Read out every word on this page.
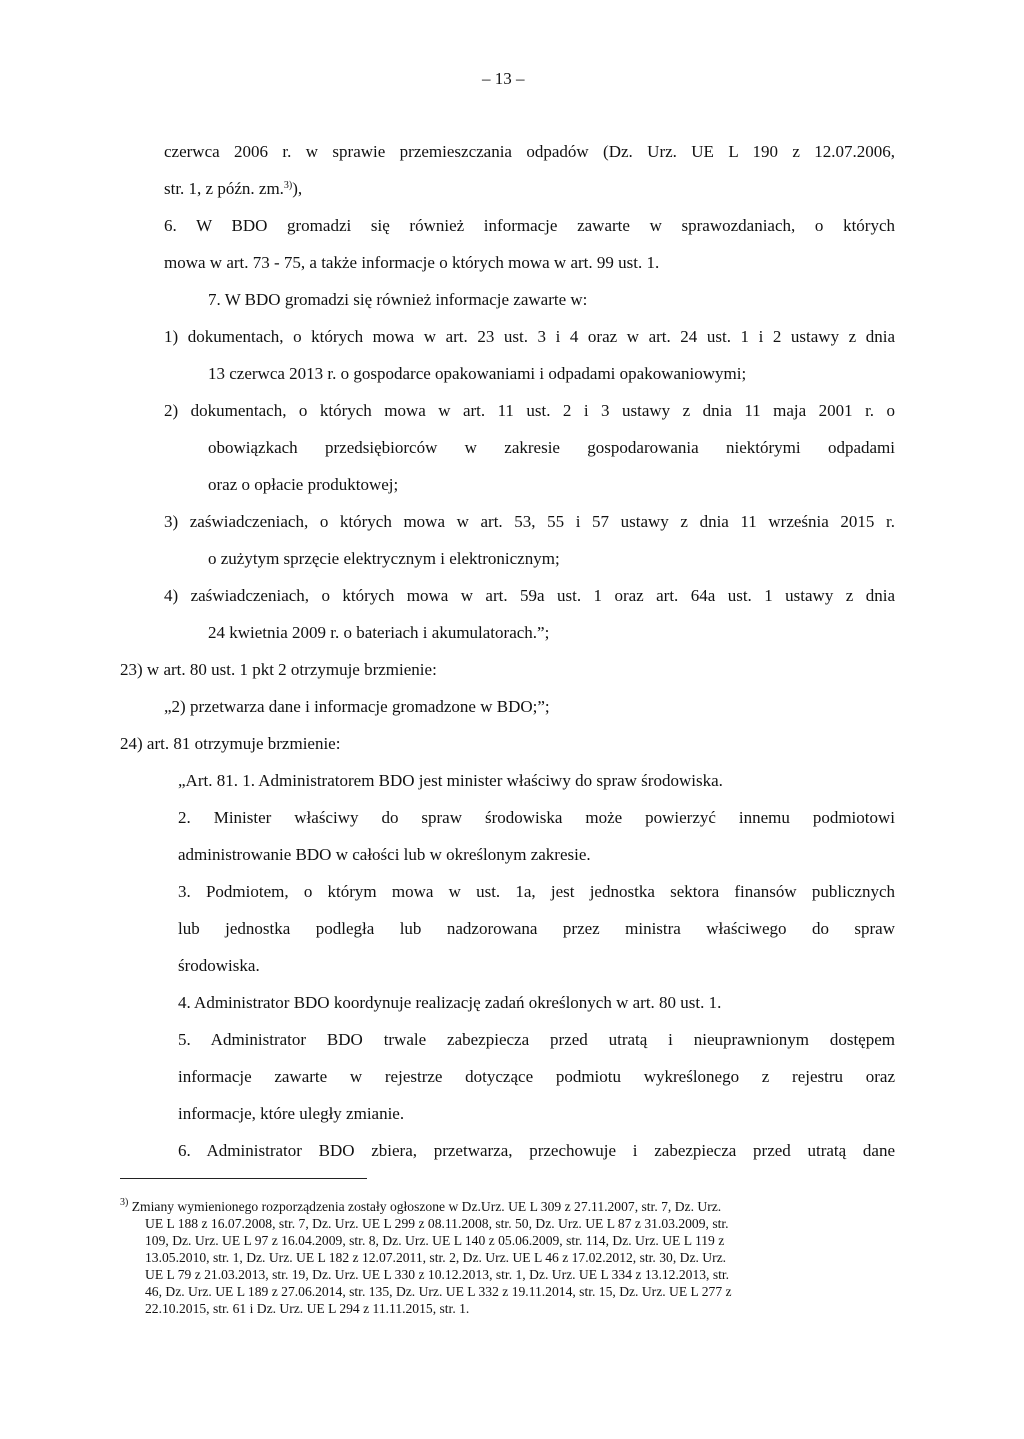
– 13 –
czerwca 2006 r. w sprawie przemieszczania odpadów (Dz. Urz. UE L 190 z 12.07.2006,
str. 1, z późn. zm.$^{3)}$),
6. W BDO gromadzi się również informacje zawarte w sprawozdaniach, o których
mowa w art. 73 - 75, a także informacje o których mowa w art. 99 ust. 1.
7. W BDO gromadzi się również informacje zawarte w:
1) dokumentach, o których mowa w art. 23 ust. 3 i 4 oraz w art. 24 ust. 1 i 2 ustawy z dnia
13 czerwca 2013 r. o gospodarce opakowaniami i odpadami opakowaniowymi;
2) dokumentach, o których mowa w art. 11 ust. 2 i 3 ustawy z dnia 11 maja 2001 r. o
obowiązkach przedsiębiorców w zakresie gospodarowania niektórymi odpadami
oraz o opłacie produktowej;
3) zaświadczeniach, o których mowa w art. 53, 55 i 57 ustawy z dnia 11 września 2015 r.
o zużytym sprzęcie elektrycznym i elektronicznym;
4) zaświadczeniach, o których mowa w art. 59a ust. 1 oraz art. 64a ust. 1 ustawy z dnia
24 kwietnia 2009 r. o bateriach i akumulatorach.”;
23) w art. 80 ust. 1 pkt 2 otrzymuje brzmienie:
„2) przetwarza dane i informacje gromadzone w BDO;”;
24) art. 81 otrzymuje brzmienie:
„Art. 81. 1. Administratorem BDO jest minister właściwy do spraw środowiska.
2. Minister właściwy do spraw środowiska może powierzyć innemu podmiotowi
administrowanie BDO w całości lub w określonym zakresie.
3. Podmiotem, o którym mowa w ust. 1a, jest jednostka sektora finansów publicznych
lub jednostka podległa lub nadzorowana przez ministra właściwego do spraw
środowiska.
4. Administrator BDO koordynuje realizację zadań określonych w art. 80 ust. 1.
5. Administrator BDO trwale zabezpiecza przed utratą i nieuprawnionym dostępem
informacje zawarte w rejestrze dotyczące podmiotu wykreślonego z rejestru oraz
informacje, które uległy zmianie.
6. Administrator BDO zbiera, przetwarza, przechowuje i zabezpiecza przed utratą dane
$^{3)}$ Zmiany wymienionego rozporządzenia zostały ogłoszone w Dz.Urz. UE L 309 z 27.11.2007, str. 7, Dz. Urz.
UE L 188 z 16.07.2008, str. 7, Dz. Urz. UE L 299 z 08.11.2008, str. 50, Dz. Urz. UE L 87 z 31.03.2009, str.
109, Dz. Urz. UE L 97 z 16.04.2009, str. 8, Dz. Urz. UE L 140 z 05.06.2009, str. 114, Dz. Urz. UE L 119 z
13.05.2010, str. 1, Dz. Urz. UE L 182 z 12.07.2011, str. 2, Dz. Urz. UE L 46 z 17.02.2012, str. 30, Dz. Urz.
UE L 79 z 21.03.2013, str. 19, Dz. Urz. UE L 330 z 10.12.2013, str. 1, Dz. Urz. UE L 334 z 13.12.2013, str.
46, Dz. Urz. UE L 189 z 27.06.2014, str. 135, Dz. Urz. UE L 332 z 19.11.2014, str. 15, Dz. Urz. UE L 277 z
22.10.2015, str. 61 i Dz. Urz. UE L 294 z 11.11.2015, str. 1.
